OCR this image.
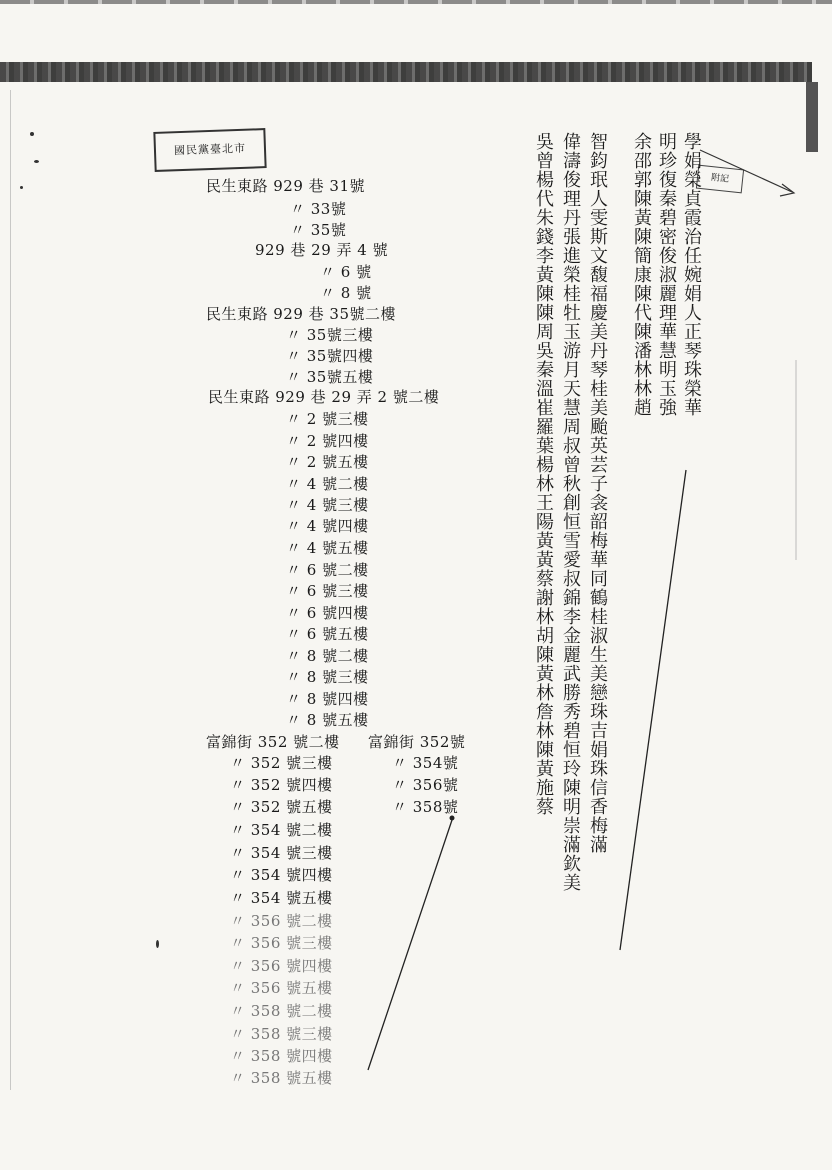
國民黨臺北市
附記
民生東路 929 巷 31號
〃 33號
〃 35號
929 巷 29 弄 4 號
〃 6 號
〃 8 號
民生東路 929 巷 35號二樓
〃 35號三樓
〃 35號四樓
〃 35號五樓
民生東路 929 巷 29 弄 2 號二樓
〃 2 號三樓
〃 2 號四樓
〃 2 號五樓
〃 4 號二樓
〃 4 號三樓
〃 4 號四樓
〃 4 號五樓
〃 6 號二樓
〃 6 號三樓
〃 6 號四樓
〃 6 號五樓
〃 8 號二樓
〃 8 號三樓
〃 8 號四樓
〃 8 號五樓
富錦街 352 號二樓
〃 352 號三樓
〃 352 號四樓
〃 352 號五樓
〃 354 號二樓
〃 354 號三樓
〃 354 號四樓
〃 354 號五樓
〃 356 號二樓
〃 356 號三樓
〃 356 號四樓
〃 356 號五樓
〃 358 號二樓
〃 358 號三樓
〃 358 號四樓
〃 358 號五樓
富錦街 352號
〃 354號
〃 356號
〃 358號	智鈞珉人雯斯文馥福慶美丹琴桂美颱英芸子衾韶梅華同鶴桂淑生美戀珠吉娟珠信香梅滿
偉濤俊理丹張進榮桂牡玉游月天慧周叔曾秋創恒雪愛叔錦李金麗武勝秀碧恒玲陳明崇滿欽美
吳曾楊代朱錢李黃陳陳周吳秦溫崔羅葉楊林王陽黃黃蔡謝林胡陳黃林詹林陳黃施蔡	學娟榮貞霞治任婉娟人正琴珠榮華
明珍復秦碧密俊淑麗理華慧明玉強
余邵郭陳黃陳簡康陳代陳潘林林趙
